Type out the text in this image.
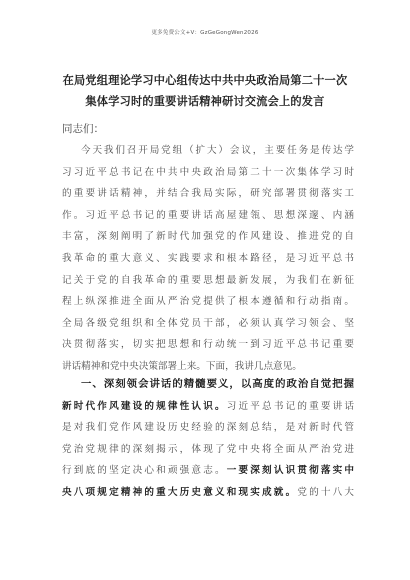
更多免费公文+V：GzGeGongWen2026
在局党组理论学习中心组传达中共中央政治局第二十一次
集体学习时的重要讲话精神研讨交流会上的发言
同志们：
今天我们召开局党组（扩大）会议，主要任务是传达学
习习近平总书记在中共中央政治局第二十一次集体学习时
的重要讲话精神，并结合我局实际，研究部署贯彻落实工
作。习近平总书记的重要讲话高屋建瓴、思想深邃、内涵
丰富，深刻阐明了新时代加强党的作风建设、推进党的自
我革命的重大意义、实践要求和根本路径，是习近平总书
记关于党的自我革命的重要思想最新发展，为我们在新征
程上纵深推进全面从严治党提供了根本遵循和行动指南。
全局各级党组织和全体党员干部，必须认真学习领会、坚
决贯彻落实，切实把思想和行动统一到习近平总书记重要
讲话精神和党中央决策部署上来。下面，我讲几点意见。
一、深刻领会讲话的精髓要义，以高度的政治自觉把握
新时代作风建设的规律性认识。习近平总书记的重要讲话
是对我们党作风建设历史经验的深刻总结，是对新时代管
党治党规律的深刻揭示，体现了党中央将全面从严治党进
行到底的坚定决心和顽强意志。一要深刻认识贯彻落实中
央八项规定精神的重大历史意义和现实成就。党的十八大
